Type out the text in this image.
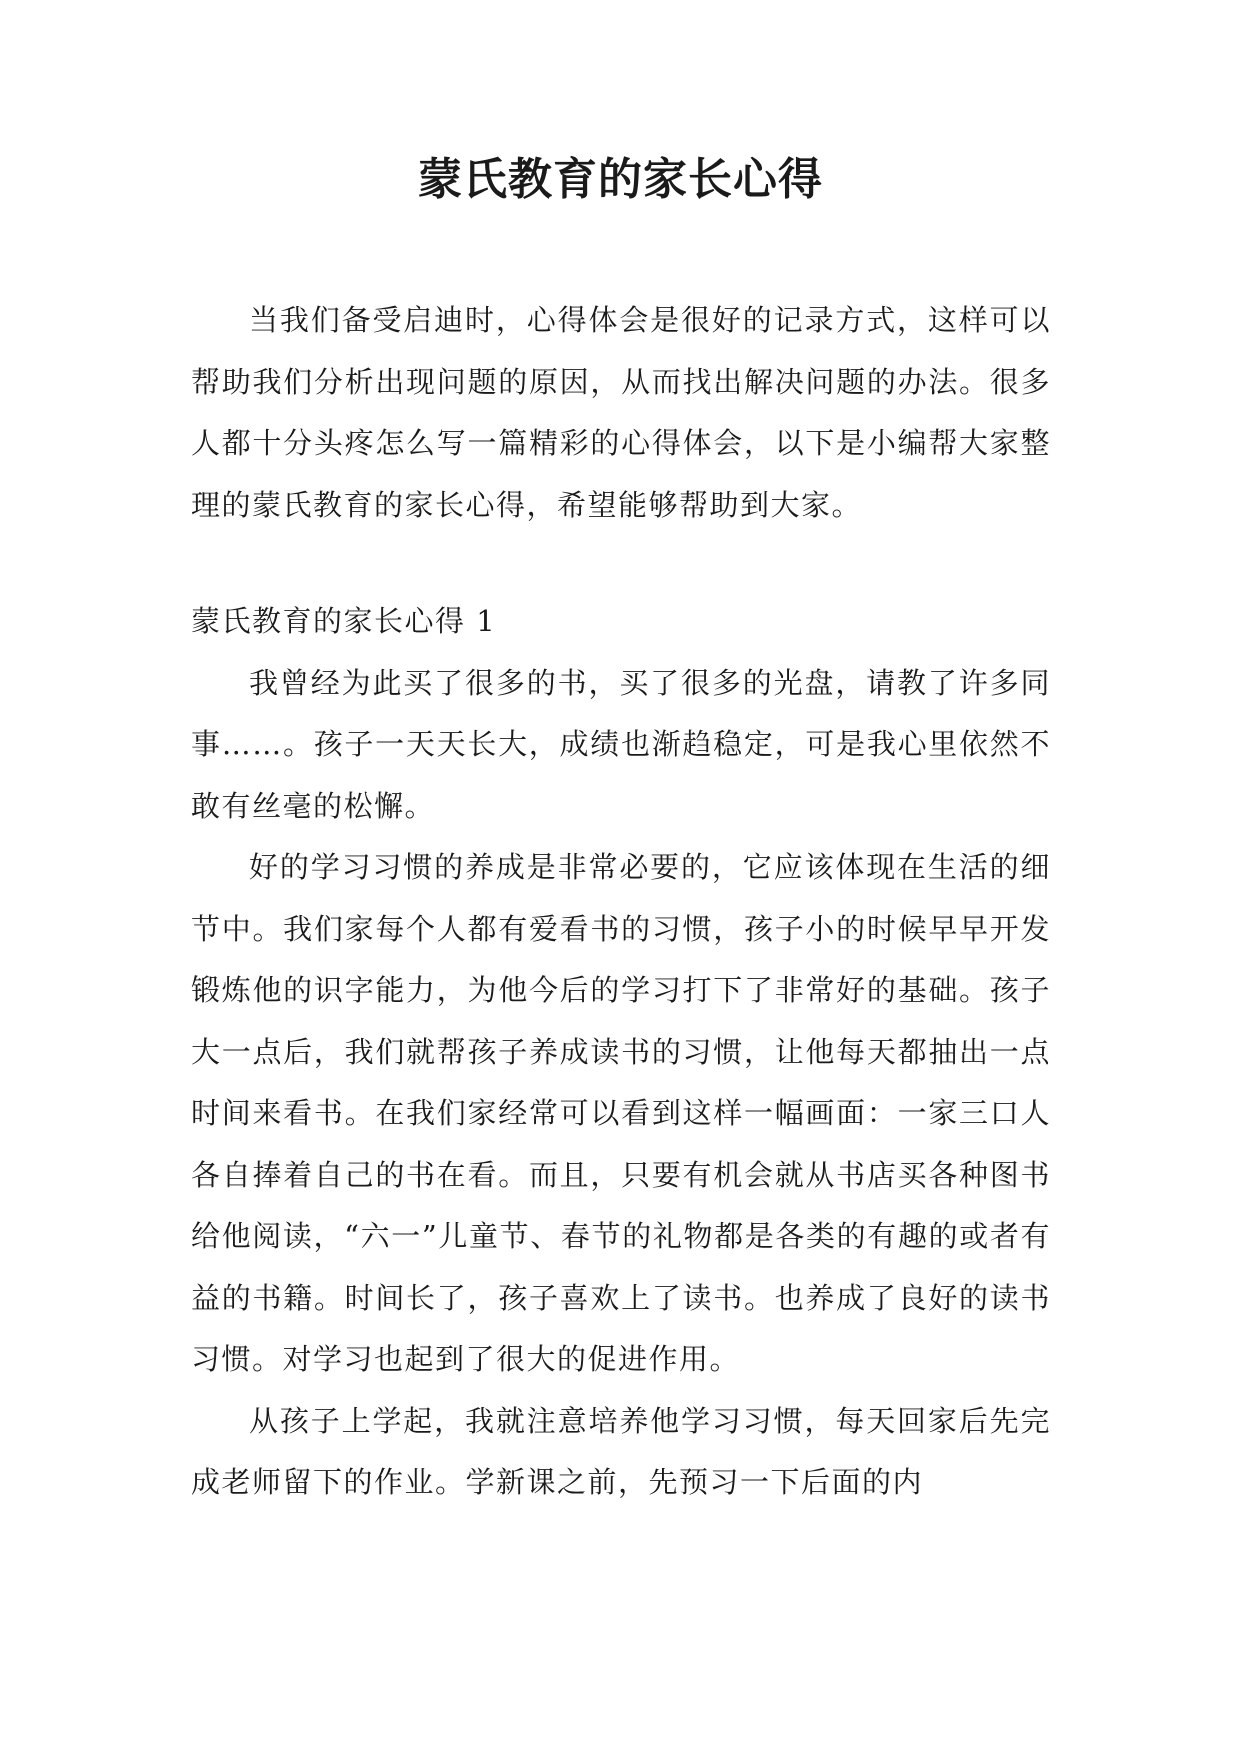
蒙氏教育的家长心得

当我们备受启迪时，心得体会是很好的记录方式，这样可以帮助我们分析出现问题的原因，从而找出解决问题的办法。很多人都十分头疼怎么写一篇精彩的心得体会，以下是小编帮大家整理的蒙氏教育的家长心得，希望能够帮助到大家。

蒙氏教育的家长心得 1

我曾经为此买了很多的书，买了很多的光盘，请教了许多同事……。孩子一天天长大，成绩也渐趋稳定，可是我心里依然不敢有丝毫的松懈。

好的学习习惯的养成是非常必要的，它应该体现在生活的细节中。我们家每个人都有爱看书的习惯，孩子小的时候早早开发锻炼他的识字能力，为他今后的学习打下了非常好的基础。孩子大一点后，我们就帮孩子养成读书的习惯，让他每天都抽出一点时间来看书。在我们家经常可以看到这样一幅画面：一家三口人各自捧着自己的书在看。而且，只要有机会就从书店买各种图书给他阅读，“六一”儿童节、春节的礼物都是各类的有趣的或者有益的书籍。时间长了，孩子喜欢上了读书。也养成了良好的读书习惯。对学习也起到了很大的促进作用。

从孩子上学起，我就注意培养他学习习惯，每天回家后先完成老师留下的作业。学新课之前，先预习一下后面的内
